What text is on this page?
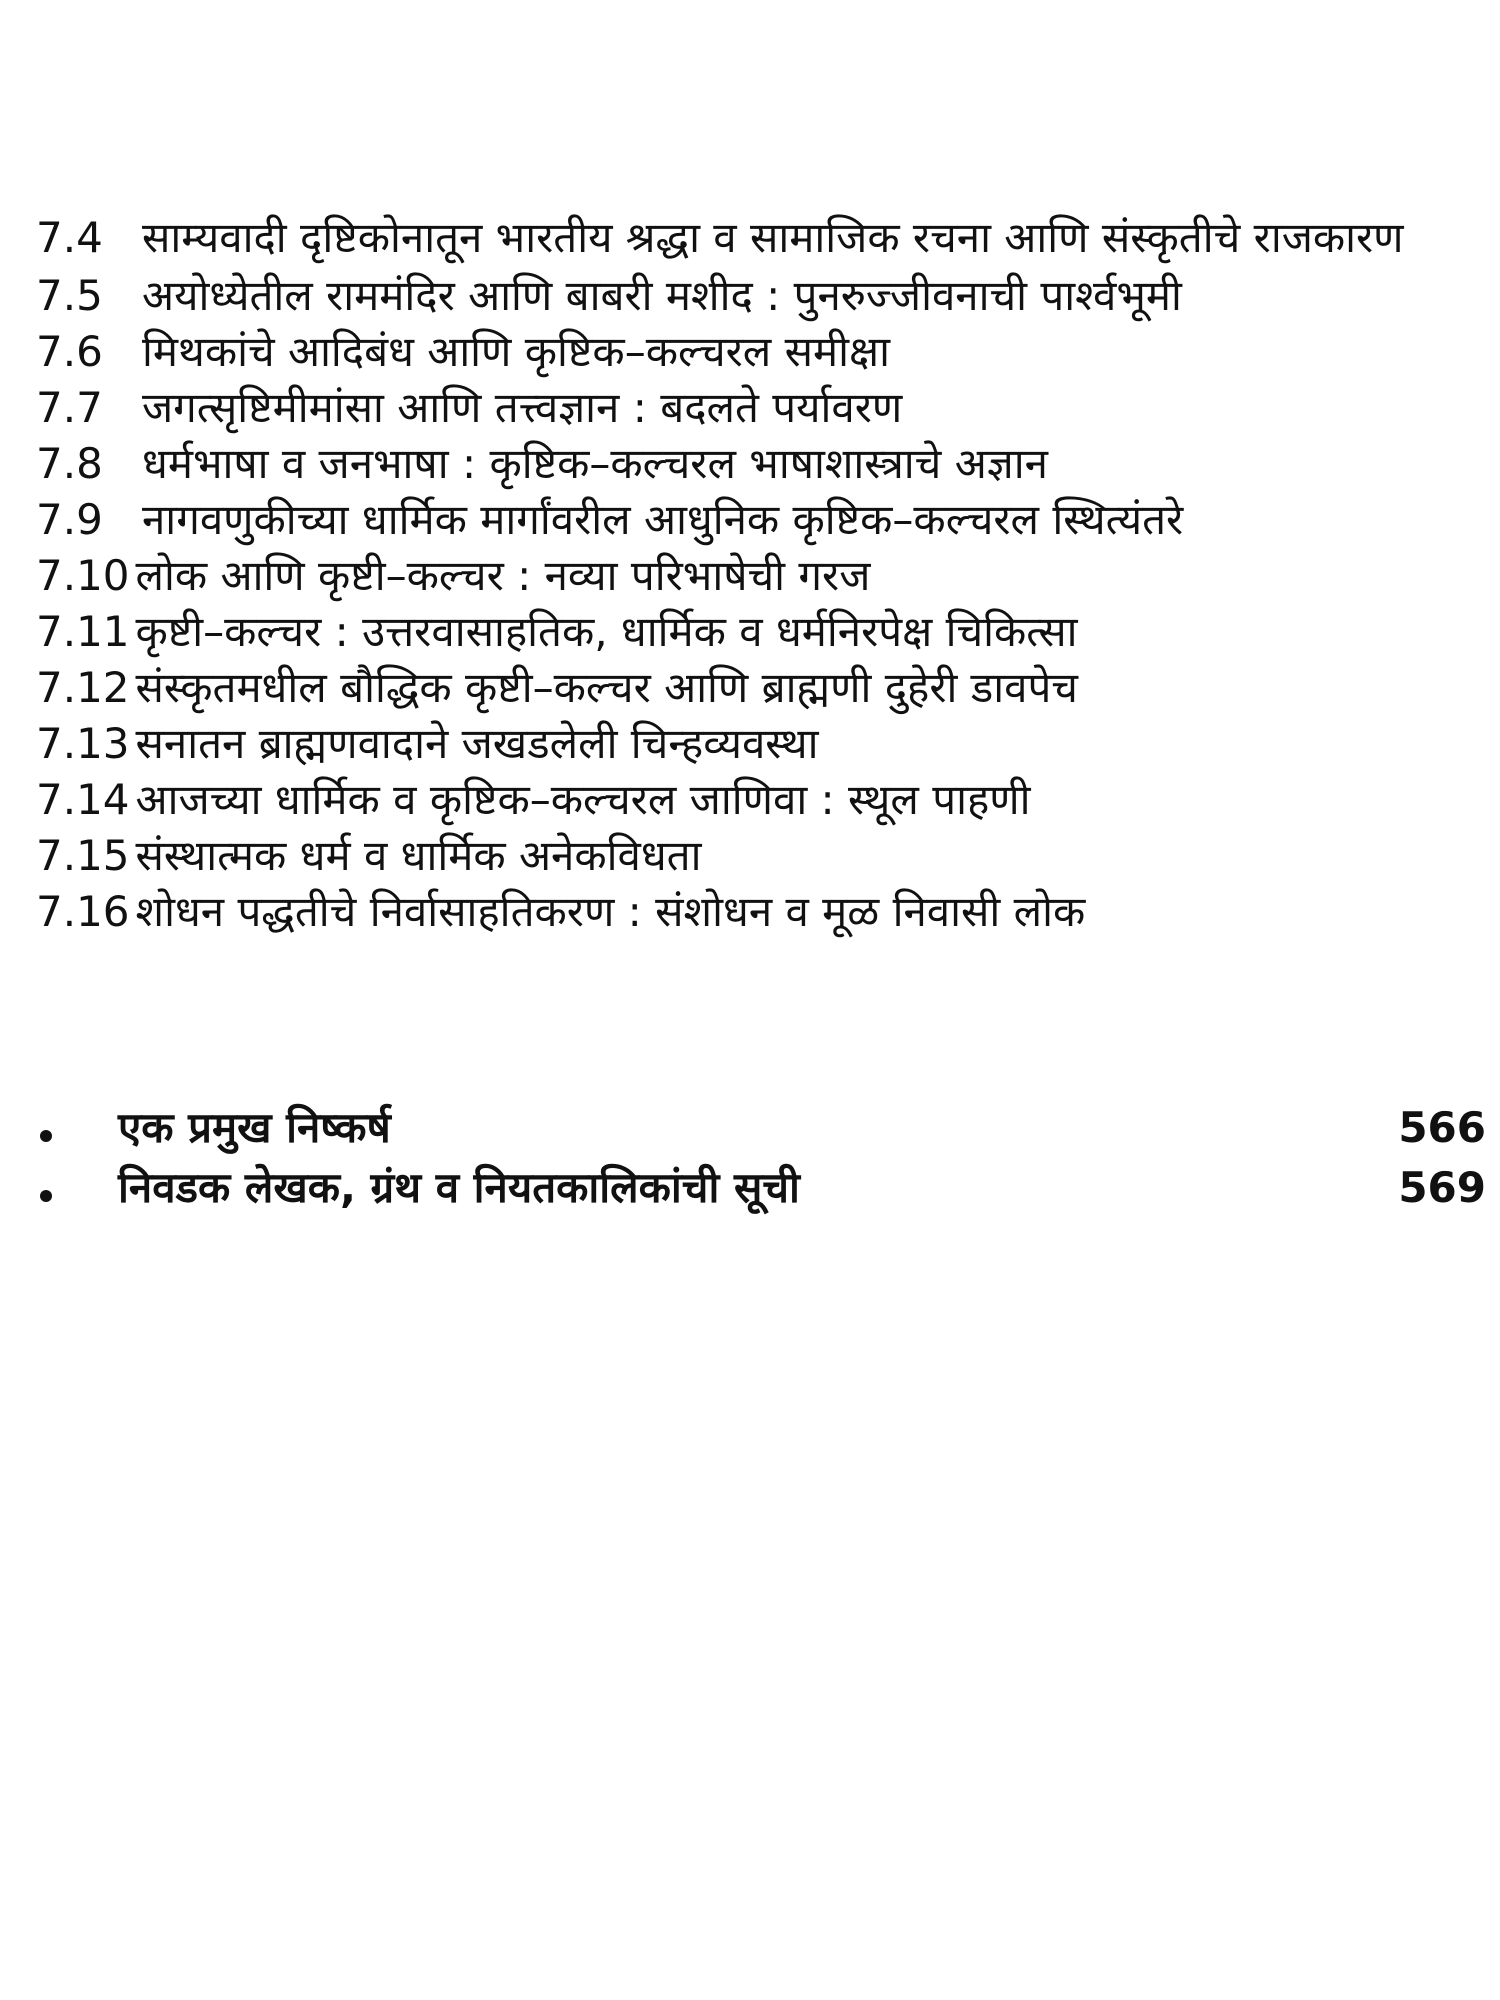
7.4 साम्यवादी दृष्टिकोनातून भारतीय श्रद्धा व सामाजिक रचना आणि संस्कृतीचे राजकारण
7.5 अयोध्येतील राममंदिर आणि बाबरी मशीद : पुनरुज्जीवनाची पार्श्वभूमी
7.6 मिथकांचे आदिबंध आणि कृष्टिक–कल्चरल समीक्षा
7.7 जगत्सृष्टिमीमांसा आणि तत्त्वज्ञान : बदलते पर्यावरण
7.8 धर्मभाषा व जनभाषा : कृष्टिक–कल्चरल भाषाशास्त्राचे अज्ञान
7.9 नागवणुकीच्या धार्मिक मार्गांवरील आधुनिक कृष्टिक–कल्चरल स्थित्यंतरे
7.10 लोक आणि कृष्टी–कल्चर : नव्या परिभाषेची गरज
7.11 कृष्टी–कल्चर : उत्तरवासाहतिक, धार्मिक व धर्मनिरपेक्ष चिकित्सा
7.12 संस्कृतमधील बौद्धिक कृष्टी–कल्चर आणि ब्राह्मणी दुहेरी डावपेच
7.13 सनातन ब्राह्मणवादाने जखडलेली चिन्हव्यवस्था
7.14 आजच्या धार्मिक व कृष्टिक–कल्चरल जाणिवा : स्थूल पाहणी
7.15 संस्थात्मक धर्म व धार्मिक अनेकविधता
7.16 शोधन पद्धतीचे निर्वासाहतिकरण : संशोधन व मूळ निवासी लोक
एक प्रमुख निष्कर्ष	566
निवडक लेखक, ग्रंथ व नियतकालिकांची सूची	569
